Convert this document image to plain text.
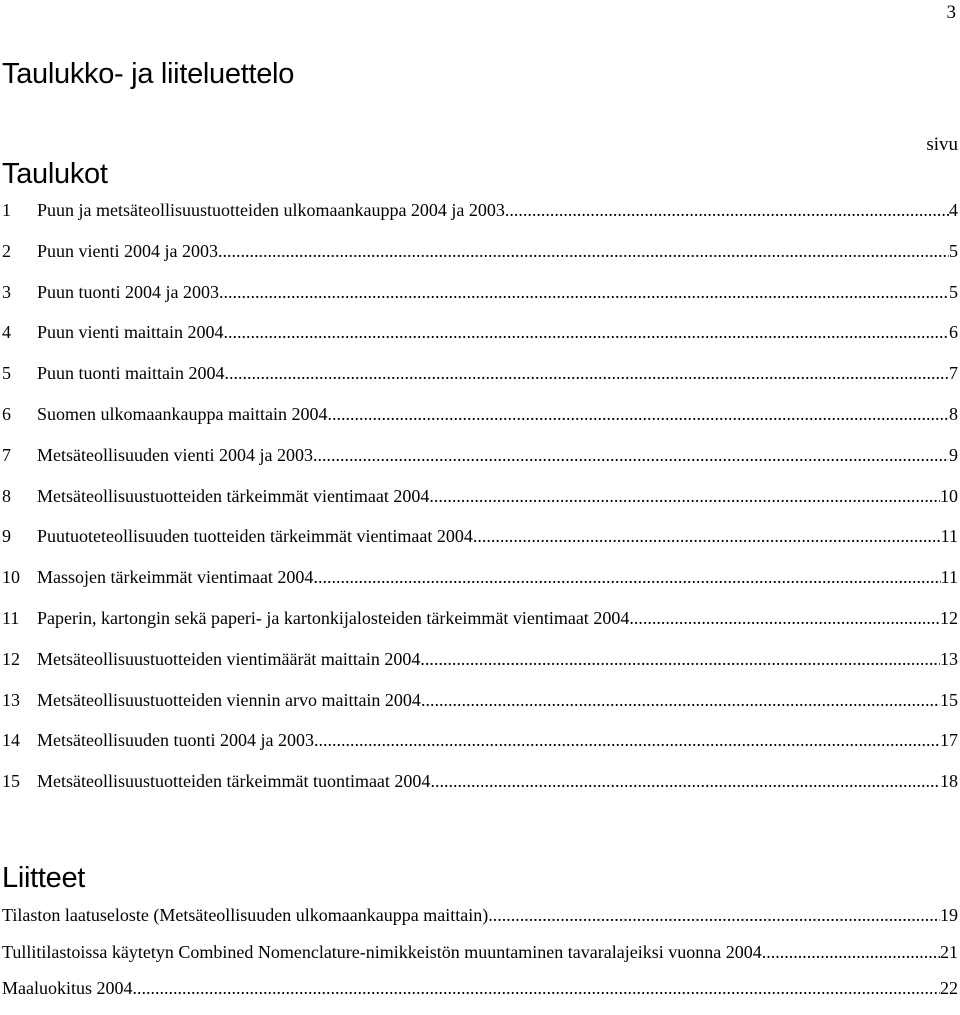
3
Taulukko- ja liiteluettelo
Taulukot
sivu
1	Puun ja metsäteollisuustuotteiden ulkomaankauppa 2004 ja 2003 .....	4
2	Puun vienti 2004 ja 2003 .....	5
3	Puun tuonti 2004 ja 2003 .....	5
4	Puun vienti maittain 2004 .....	6
5	Puun tuonti maittain 2004 .....	7
6	Suomen ulkomaankauppa maittain 2004 .....	8
7	Metsäteollisuuden vienti 2004 ja 2003 .....	9
8	Metsäteollisuustuotteiden tärkeimmät vientimaat 2004 .....	10
9	Puutuoteteollisuuden tuotteiden tärkeimmät vientimaat 2004 .....	11
10 Massojen tärkeimmät vientimaat 2004 .....	11
11 Paperin, kartongin sekä paperi- ja kartonkijalosteiden tärkeimmät vientimaat 2004 .....	12
12 Metsäteollisuustuotteiden vientimäärät maittain 2004 .....	13
13 Metsäteollisuustuotteiden viennin arvo maittain 2004 .....	15
14 Metsäteollisuuden tuonti 2004 ja 2003 .....	17
15 Metsäteollisuustuotteiden tärkeimmät tuontimaat 2004 .....	18
Liitteet
Tilaston laatuseloste (Metsäteollisuuden ulkomaankauppa maittain) .....	19
Tullitilastoissa käytetyn Combined Nomenclature-nimikkeistön muuntaminen tavaralajeiksi vuonna 2004 .....	21
Maaluokitus 2004 .....	22
